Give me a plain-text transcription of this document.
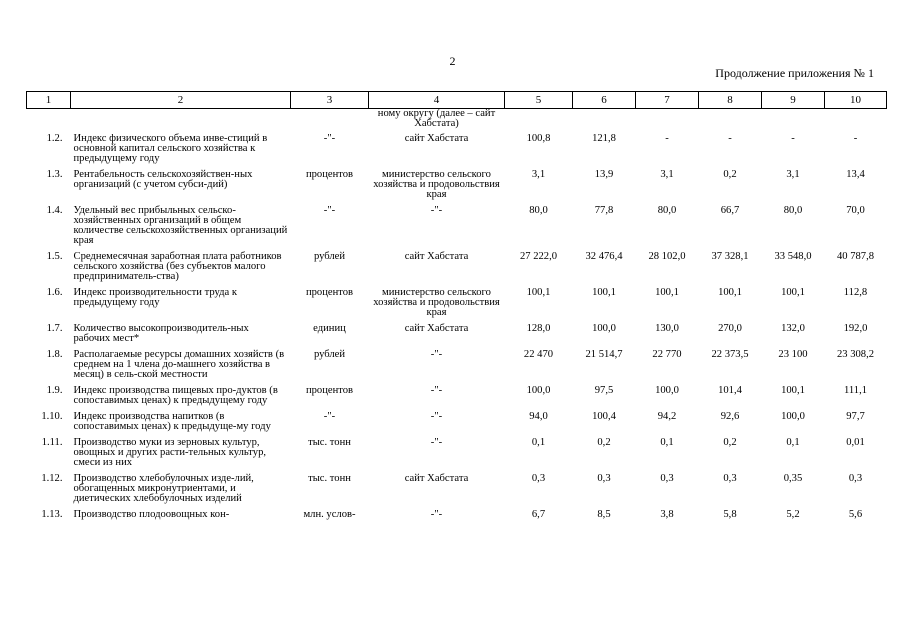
2
Продолжение приложения № 1
1	2	3	4	5	6	7	8	9	10
			ному округу (далее – сайт Хабстата)						
1.2.	Индекс физического объема инве-стиций в основной капитал сельского хозяйства к предыдущему году	-"-	сайт Хабстата	100,8	121,8	-	-	-	-
1.3.	Рентабельность сельскохозяйствен-ных организаций (с учетом субси-дий)	процентов	министерство сельского хозяйства и продовольствия края	3,1	13,9	3,1	0,2	3,1	13,4
1.4.	Удельный вес прибыльных сельско-хозяйственных организаций в общем количестве сельскохозяйственных организаций края	-"-	-"-	80,0	77,8	80,0	66,7	80,0	70,0
1.5.	Среднемесячная заработная плата работников сельского хозяйства (без субъектов малого предприниматель-ства)	рублей	сайт Хабстата	27 222,0	32 476,4	28 102,0	37 328,1	33 548,0	40 787,8
1.6.	Индекс производительности труда к предыдущему году	процентов	министерство сельского хозяйства и продовольствия края	100,1	100,1	100,1	100,1	100,1	112,8
1.7.	Количество высокопроизводитель-ных рабочих мест*	единиц	сайт Хабстата	128,0	100,0	130,0	270,0	132,0	192,0
1.8.	Располагаемые ресурсы домашних хозяйств (в среднем на 1 члена до-машнего хозяйства в месяц) в сель-ской местности	рублей	-"-	22 470	21 514,7	22 770	22 373,5	23 100	23 308,2
1.9.	Индекс производства пищевых про-дуктов (в сопоставимых ценах) к предыдущему году	процентов	-"-	100,0	97,5	100,0	101,4	100,1	111,1
1.10.	Индекс производства напитков (в сопоставимых ценах) к предыдуще-му году	-"-	-"-	94,0	100,4	94,2	92,6	100,0	97,7
1.11.	Производство муки из зерновых культур, овощных и других расти-тельных культур, смеси из них	тыс. тонн	-"-	0,1	0,2	0,1	0,2	0,1	0,01
1.12.	Производство хлебобулочных изде-лий, обогащенных микронутриентами, и диетических хлебобулочных изделий	тыс. тонн	сайт Хабстата	0,3	0,3	0,3	0,3	0,35	0,3
1.13.	Производство плодоовощных кон-	млн. услов-	-"-	6,7	8,5	3,8	5,8	5,2	5,6
